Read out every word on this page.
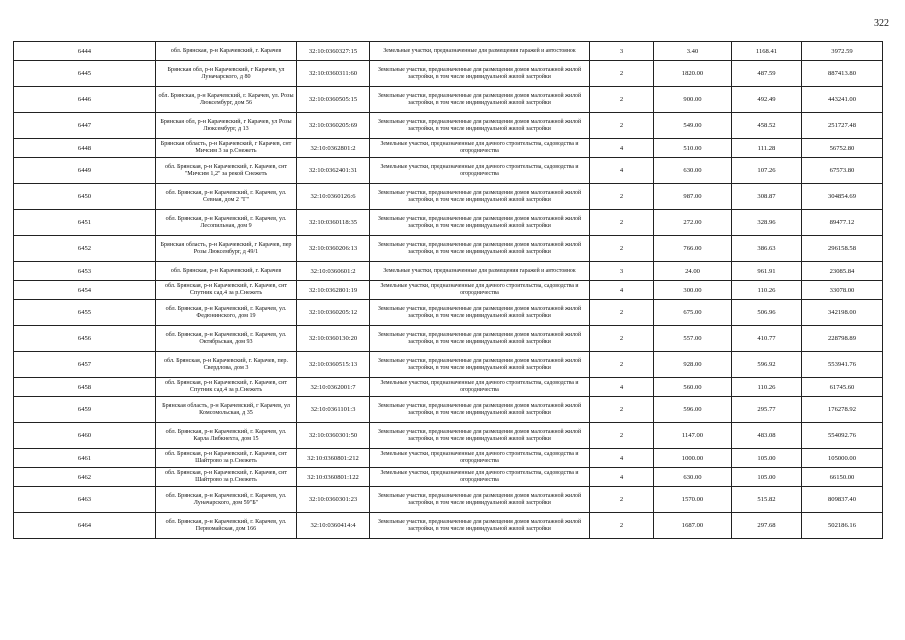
322
6444	обл. Брянская, р-н Карачевский, г. Карачев	32:10:0360327:15	Земельные участки, предназначенные для размещения гаражей и автостоянок	3	3.40	1168.41	3972.59
6445	Брянская обл, р-н Карачевский, г Карачев, ул Луначарского, д 80	32:10:0360311:60	Земельные участки, предназначенные для размещения домов малоэтажной жилой застройки, в том числе индивидуальной жилой застройки	2	1820.00	487.59	887413.80
6446	обл. Брянская, р-н Карачевский, г. Карачев, ул. Розы Люксембург, дом 56	32:10:0360505:15	Земельные участки, предназначенные для размещения домов малоэтажной жилой застройки, в том числе индивидуальной жилой застройки	2	900.00	492.49	443241.00
6447	Брянская обл, р-н Карачевский, г Карачев, ул Розы Люксембург, д 13	32:10:0360205:69	Земельные участки, предназначенные для размещения домов малоэтажной жилой застройки, в том числе индивидуальной жилой застройки	2	549.00	458.52	251727.48
6448	Брянская область, р-н Карачевский, г Карачев, снт Мичсим 3 за р.Снежеть	32:10:0362801:2	Земельные участки, предназначенные для дачного строительства, садоводства и огородничества	4	510.00	111.28	56752.80
6449	обл. Брянская, р-н Карачевский, г. Карачев, снт "Мичсим 1,2" за рекой Снежеть	32:10:0362401:31	Земельные участки, предназначенные для дачного строительства, садоводства и огородничества	4	630.00	107.26	67573.80
6450	обл. Брянская, р-н Карачевский, г. Карачев, ул. Севная, дом 2 "Г"	32:10:0360126:6	Земельные участки, предназначенные для размещения домов малоэтажной жилой застройки, в том числе индивидуальной жилой застройки	2	987.00	308.87	304854.69
6451	обл. Брянская, р-н Карачевский, г. Карачев, ул. Лесопильная, дом 9	32:10:0360118:35	Земельные участки, предназначенные для размещения домов малоэтажной жилой застройки, в том числе индивидуальной жилой застройки	2	272.00	328.96	89477.12
6452	Брянская область, р-н Карачевский, г Карачев, пер Розы Люксембург, д 49/1	32:10:0360206:13	Земельные участки, предназначенные для размещения домов малоэтажной жилой застройки, в том числе индивидуальной жилой застройки	2	766.00	386.63	296158.58
6453	обл. Брянская, р-н Карачевский, г. Карачев	32:10:0360601:2	Земельные участки, предназначенные для размещения гаражей и автостоянок	3	24.00	961.91	23085.84
6454	обл. Брянская, р-н Карачевский, г. Карачев, снт Спутник сад.4 за р.Снежеть	32:10:0362801:19	Земельные участки, предназначенные для дачного строительства, садоводства и огородничества	4	300.00	110.26	33078.00
6455	обл. Брянская, р-н Карачевский, г. Карачев, ул. Федюнинского, дом 19	32:10:0360205:12	Земельные участки, предназначенные для размещения домов малоэтажной жилой застройки, в том числе индивидуальной жилой застройки	2	675.00	506.96	342198.00
6456	обл. Брянская, р-н Карачевский, г. Карачев, ул. Октябрьская, дом 93	32:10:0360130:20	Земельные участки, предназначенные для размещения домов малоэтажной жилой застройки, в том числе индивидуальной жилой застройки	2	557.00	410.77	228798.89
6457	обл. Брянская, р-н Карачевский, г. Карачев, пер. Свердлова, дом 3	32:10:0360515:13	Земельные участки, предназначенные для размещения домов малоэтажной жилой застройки, в том числе индивидуальной жилой застройки	2	928.00	596.92	553941.76
6458	обл. Брянская, р-н Карачевский, г. Карачев, снт Спутник сад.4 за р.Снежеть	32:10:0362001:7	Земельные участки, предназначенные для дачного строительства, садоводства и огородничества	4	560.00	110.26	61745.60
6459	Брянская область, р-н Карачевский, г Карачев, ул Комсомольская, д 35	32:10:0361101:3	Земельные участки, предназначенные для размещения домов малоэтажной жилой застройки, в том числе индивидуальной жилой застройки	2	596.00	295.77	176278.92
6460	обл. Брянская, р-н Карачевский, г. Карачев, ул. Карла Либкнехта, дом 15	32:10:0360301:50	Земельные участки, предназначенные для размещения домов малоэтажной жилой застройки, в том числе индивидуальной жилой застройки	2	1147.00	483.08	554092.76
6461	обл. Брянская, р-н Карачевский, г. Карачев, снт Шайтрово за р.Снежеть	32:10:0360801:212	Земельные участки, предназначенные для дачного строительства, садоводства и огородничества	4	1000.00	105.00	105000.00
6462	обл. Брянская, р-н Карачевский, г. Карачев, снт Шайтрово за р.Снежеть	32:10:0360801:122	Земельные участки, предназначенные для дачного строительства, садоводства и огородничества	4	630.00	105.00	66150.00
6463	обл. Брянская, р-н Карачевский, г. Карачев, ул. Луначарского, дом 59"Б"	32:10:0360301:23	Земельные участки, предназначенные для размещения домов малоэтажной жилой застройки, в том числе индивидуальной жилой застройки	2	1570.00	515.82	809837.40
6464	обл. Брянская, р-н Карачевский, г. Карачев, ул. Первомайская, дом 166	32:10:0360414:4	Земельные участки, предназначенные для размещения домов малоэтажной жилой застройки, в том числе индивидуальной жилой застройки	2	1687.00	297.68	502186.16
